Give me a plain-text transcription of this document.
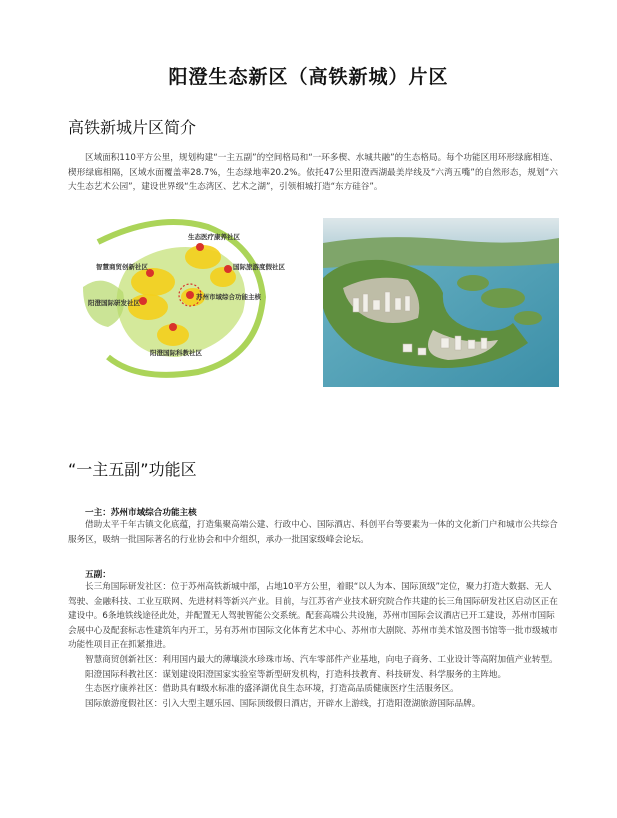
阳澄生态新区（高铁新城）片区
高铁新城片区简介

区域面积110平方公里，规划构建“一主五副”的空间格局和“一环多楔、水城共融”的生态格局。每个功能区用环形绿廊相连、楔形绿廊相隔，区域水面覆盖率28.7%，生态绿地率20.2%。依托47公里阳澄西湖最美岸线及“六湾五嘴”的自然形态，规划“六大生态艺术公园”，建设世界级“生态湾区、艺术之湖”，引领相城打造“东方硅谷”。

生态医疗康养社区
智慧商贸创新社区	国际旅游度假社区
苏州市域综合功能主核
阳澄国际研发社区
阳澄国际科教社区
“一主五副”功能区
一主：苏州市域综合功能主核

借助太平千年古镇文化底蕴，打造集聚高端公建、行政中心、国际酒店、科创平台等要素为一体的文化新门户和城市公共综合服务区，吸纳一批国际著名的行业协会和中介组织，承办一批国家级峰会论坛。

五副：

长三角国际研发社区：位于苏州高铁新城中部，占地10平方公里，着眼“以人为本、国际顶级”定位，聚力打造大数据、无人驾驶、金融科技、工业互联网、先进材料等新兴产业。目前，与江苏省产业技术研究院合作共建的长三角国际研发社区启动区正在建设中。6条地铁线途径此处，并配置无人驾驶智能公交系统。配套高端公共设施，苏州市国际会议酒店已开工建设，苏州市国际会展中心及配套标志性建筑年内开工，另有苏州市国际文化体育艺术中心、苏州市大剧院、苏州市美术馆及图书馆等一批市级城市功能性项目正在抓紧推进。

智慧商贸创新社区：利用国内最大的薄壤淡水珍珠市场、汽车零部件产业基地，向电子商务、工业设计等高附加值产业转型。

阳澄国际科教社区：谋划建设阳澄国家实验室等新型研发机构，打造科技教育、科技研发、科学服务的主阵地。

生态医疗康养社区：借助具有Ⅱ级水标准的盛泽湖优良生态环境，打造高品质健康医疗生活服务区。

国际旅游度假社区：引入大型主题乐园、国际顶级假日酒店，开辟水上游线，打造阳澄湖旅游国际品牌。
